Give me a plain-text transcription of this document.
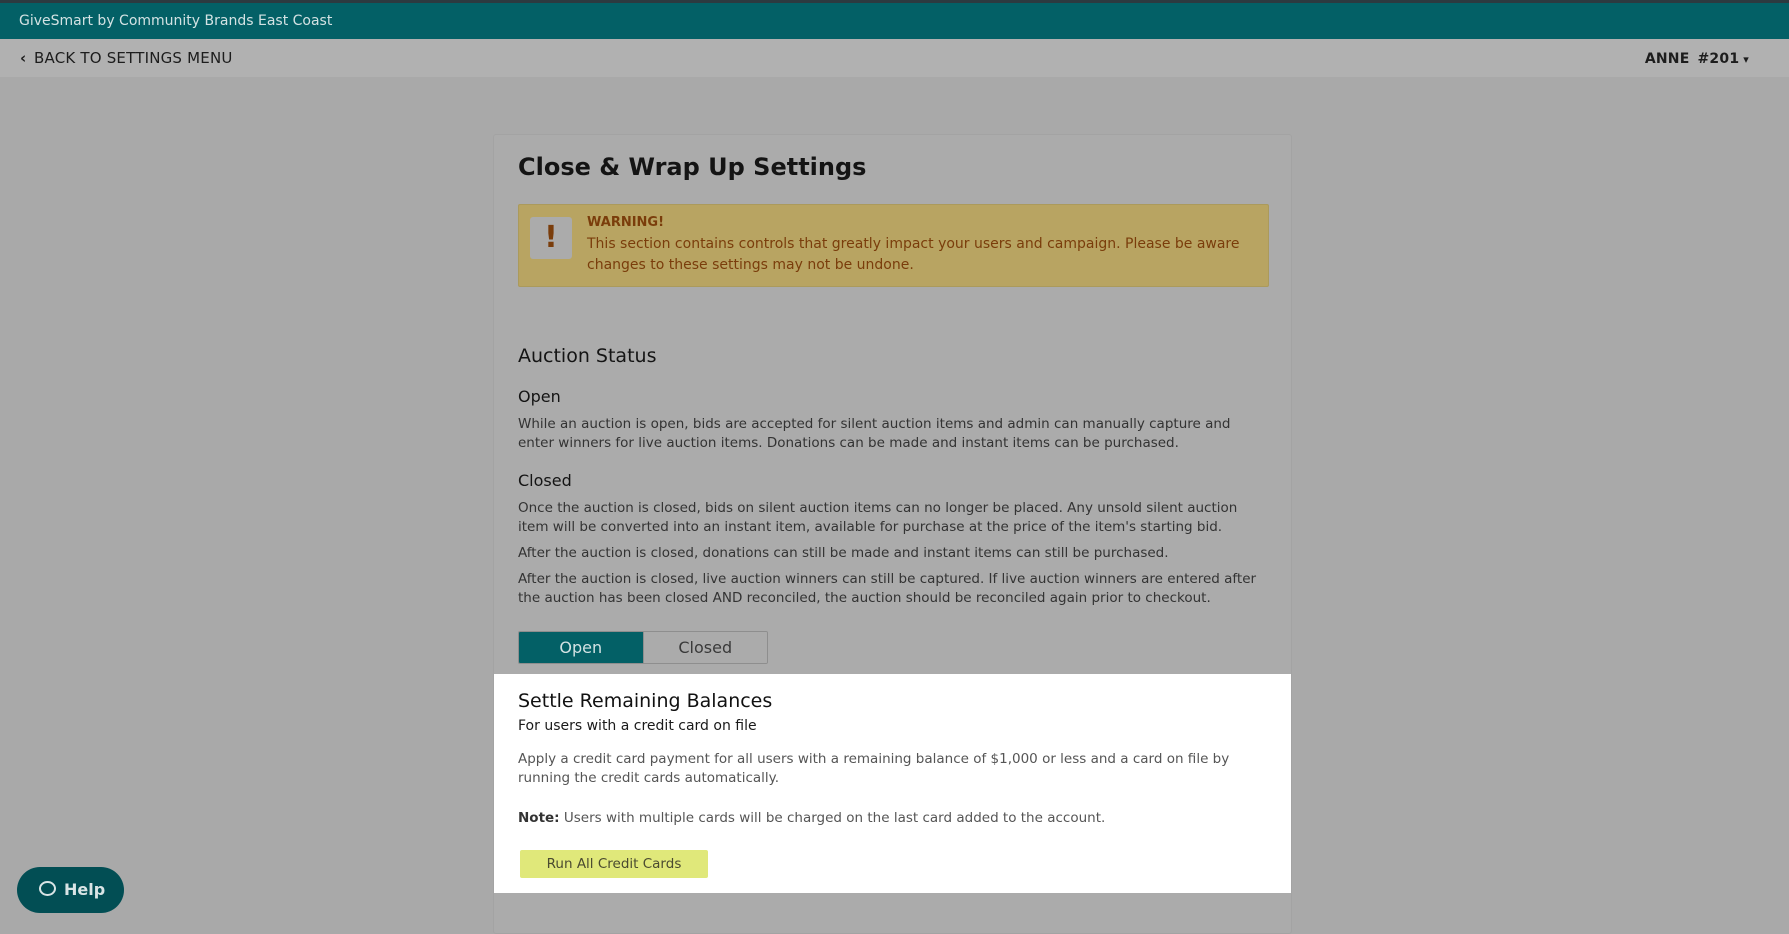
GiveSmart by Community Brands East Coast
‹ BACK TO SETTINGS MENU	ANNE #201 ▾
Close & Wrap Up Settings
!	WARNING!
This section contains controls that greatly impact your users and campaign. Please be aware changes to these settings may not be undone.
Auction Status
Open
While an auction is open, bids are accepted for silent auction items and admin can manually capture and enter winners for live auction items. Donations can be made and instant items can be purchased.
Closed
Once the auction is closed, bids on silent auction items can no longer be placed. Any unsold silent auction item will be converted into an instant item, available for purchase at the price of the item's starting bid.
After the auction is closed, donations can still be made and instant items can still be purchased.
After the auction is closed, live auction winners can still be captured. If live auction winners are entered after the auction has been closed AND reconciled, the auction should be reconciled again prior to checkout.
Open	Closed
Settle Remaining Balances
For users with a credit card on file
Apply a credit card payment for all users with a remaining balance of $1,000 or less and a card on file by running the credit cards automatically.
Note: Users with multiple cards will be charged on the last card added to the account.
Run All Credit Cards
Help
